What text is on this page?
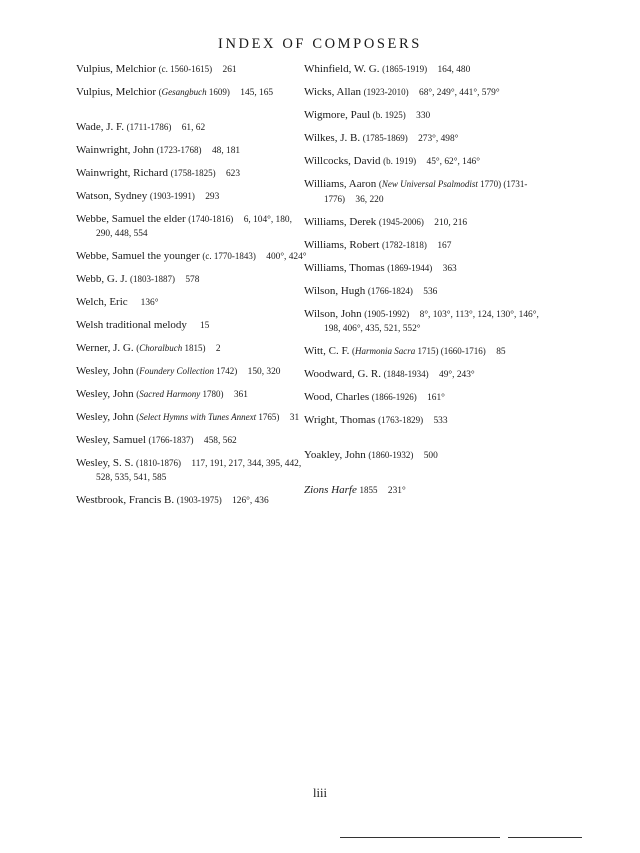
INDEX OF COMPOSERS
Vulpius, Melchior (c. 1560-1615)  261
Vulpius, Melchior (Gesangbuch 1609)  145, 165
Wade, J. F. (1711-1786)  61, 62
Wainwright, John (1723-1768)  48, 181
Wainwright, Richard (1758-1825)  623
Watson, Sydney (1903-1991)  293
Webbe, Samuel the elder (1740-1816)  6, 104°, 180, 290, 448, 554
Webbe, Samuel the younger (c. 1770-1843)  400°, 424°
Webb, G. J. (1803-1887)  578
Welch, Eric   136°
Welsh traditional melody   15
Werner, J. G. (Choralbuch 1815)  2
Wesley, John (Foundery Collection 1742)  150, 320
Wesley, John (Sacred Harmony 1780)  361
Wesley, John (Select Hymns with Tunes Annext 1765)  31
Wesley, Samuel (1766-1837)  458, 562
Wesley, S. S. (1810-1876)  117, 191, 217, 344, 395, 442, 528, 535, 541, 585
Westbrook, Francis B. (1903-1975)  126°, 436
Whinfield, W. G. (1865-1919)  164, 480
Wicks, Allan (1923-2010)  68°, 249°, 441°, 579°
Wigmore, Paul (b. 1925)  330
Wilkes, J. B. (1785-1869)  273°, 498°
Willcocks, David (b. 1919)  45°, 62°, 146°
Williams, Aaron (New Universal Psalmodist 1770) (1731-1776)  36, 220
Williams, Derek (1945-2006)  210, 216
Williams, Robert (1782-1818)  167
Williams, Thomas (1869-1944)  363
Wilson, Hugh (1766-1824)  536
Wilson, John (1905-1992)  8°, 103°, 113°, 124, 130°, 146°, 198, 406°, 435, 521, 552°
Witt, C. F. (Harmonia Sacra 1715) (1660-1716)  85
Woodward, G. R. (1848-1934)  49°, 243°
Wood, Charles (1866-1926)  161°
Wright, Thomas (1763-1829)  533
Yoakley, John (1860-1932)  500
Zions Harfe 1855  231°
liii
